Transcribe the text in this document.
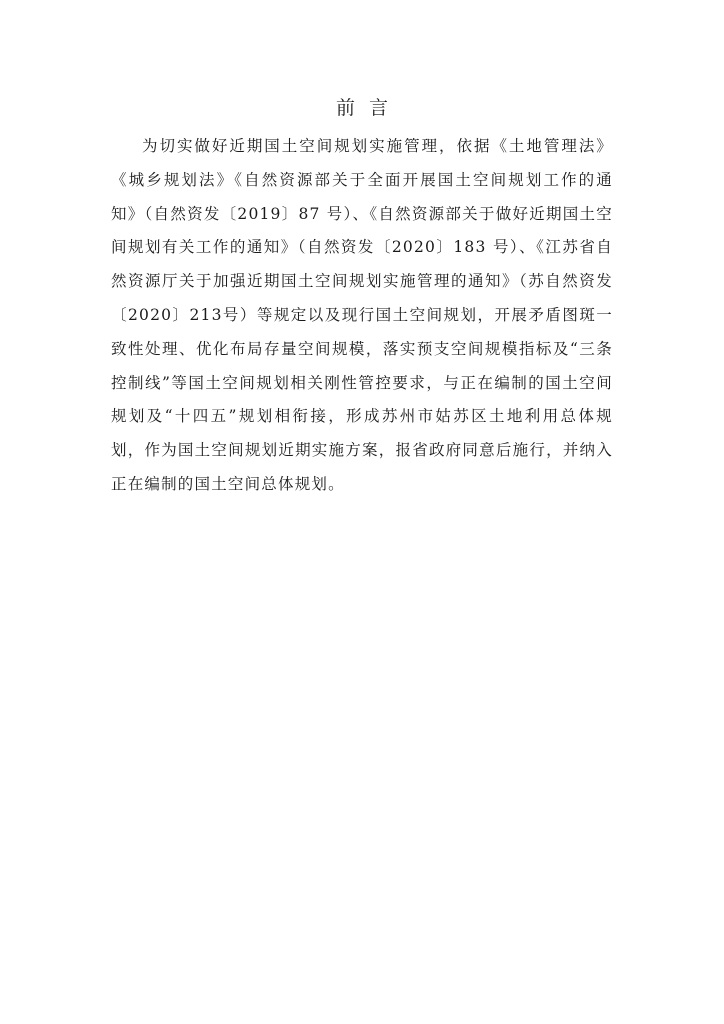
前言

为切实做好近期国土空间规划实施管理，依据《土地管理法》《城乡规划法》《自然资源部关于全面开展国土空间规划工作的通知》（自然资发〔2019〕87 号）、《自然资源部关于做好近期国土空间规划有关工作的通知》（自然资发〔2020〕183 号）、《江苏省自然资源厅关于加强近期国土空间规划实施管理的通知》（苏自然资发〔2020〕213号）等规定以及现行国土空间规划，开展矛盾图斑一致性处理、优化布局存量空间规模，落实预支空间规模指标及“三条控制线”等国土空间规划相关刚性管控要求，与正在编制的国土空间规划及“十四五”规划相衔接，形成苏州市姑苏区土地利用总体规划，作为国土空间规划近期实施方案，报省政府同意后施行，并纳入正在编制的国土空间总体规划。
